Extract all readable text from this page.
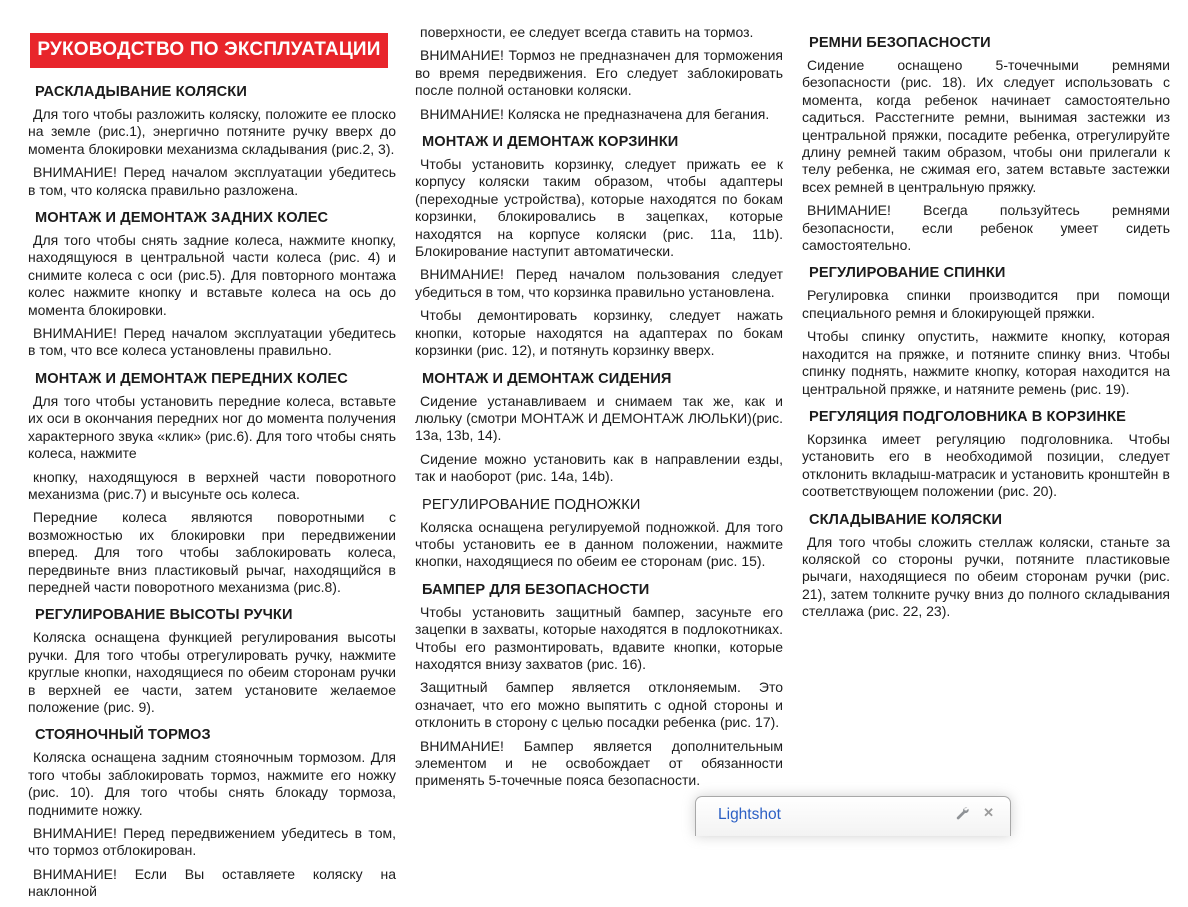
РУКОВОДСТВО ПО ЭКСПЛУАТАЦИИ
РАСКЛАДЫВАНИЕ КОЛЯСКИ
Для того чтобы разложить коляску, положите ее плоско на земле (рис.1), энергично потяните ручку вверх до момента блокировки механизма складывания (рис.2, 3).
ВНИМАНИЕ! Перед началом эксплуатации убедитесь в том, что коляска правильно разложена.
МОНТАЖ И ДЕМОНТАЖ ЗАДНИХ КОЛЕС
Для того чтобы снять задние колеса, нажмите кнопку, находящуюся в центральной части колеса (рис. 4) и снимите колеса с оси (рис.5). Для повторного монтажа колес нажмите кнопку и вставьте колеса на ось до момента блокировки.
ВНИМАНИЕ! Перед началом эксплуатации убедитесь в том, что все колеса установлены правильно.
МОНТАЖ И ДЕМОНТАЖ ПЕРЕДНИХ КОЛЕС
Для того чтобы установить передние колеса, вставьте их оси в окончания передних ног до момента получения характерного звука «клик» (рис.6). Для того чтобы снять колеса, нажмите
кнопку, находящуюся в верхней части поворотного механизма (рис.7) и высуньте ось колеса.
Передние колеса являются поворотными с возможностью их блокировки при передвижении вперед. Для того чтобы заблокировать колеса, передвиньте вниз пластиковый рычаг, находящийся в передней части поворотного механизма (рис.8).
РЕГУЛИРОВАНИЕ ВЫСОТЫ РУЧКИ
Коляска оснащена функцией регулирования высоты ручки. Для того чтобы отрегулировать ручку, нажмите круглые кнопки, находящиеся по обеим сторонам ручки в верхней ее части, затем установите желаемое положение (рис. 9).
СТОЯНОЧНЫЙ ТОРМОЗ
Коляска оснащена задним стояночным тормозом. Для того чтобы заблокировать тормоз, нажмите его ножку (рис. 10). Для того чтобы снять блокаду тормоза, поднимите ножку.
ВНИМАНИЕ! Перед передвижением убедитесь в том, что тормоз отблокирован.
ВНИМАНИЕ! Если Вы оставляете коляску на наклонной
поверхности, ее следует всегда ставить на тормоз.
ВНИМАНИЕ! Тормоз не предназначен для торможения во время передвижения. Его следует заблокировать после полной остановки коляски.
ВНИМАНИЕ! Коляска не предназначена для бегания.
МОНТАЖ И ДЕМОНТАЖ КОРЗИНКИ
Чтобы установить корзинку, следует прижать ее к корпусу коляски таким образом, чтобы адаптеры (переходные устройства), которые находятся по бокам корзинки, блокировались в зацепках, которые находятся на корпусе коляски (рис. 11a, 11b). Блокирование наступит автоматически.
ВНИМАНИЕ! Перед началом пользования следует убедиться в том, что корзинка правильно установлена.
Чтобы демонтировать корзинку, следует нажать кнопки, которые находятся на адаптерах по бокам корзинки (рис. 12), и потянуть корзинку вверх.
МОНТАЖ И ДЕМОНТАЖ СИДЕНИЯ
Сидение устанавливаем и снимаем так же, как и люльку (смотри МОНТАЖ И ДЕМОНТАЖ ЛЮЛЬКИ)(рис. 13a, 13b, 14).
Сидение можно установить как в направлении езды, так и наоборот (рис. 14a, 14b).
РЕГУЛИРОВАНИЕ ПОДНОЖКИ
Коляска оснащена регулируемой подножкой. Для того чтобы установить ее в данном положении, нажмите кнопки, находящиеся по обеим ее сторонам (рис. 15).
БАМПЕР ДЛЯ БЕЗОПАСНОСТИ
Чтобы установить защитный бампер, засуньте его зацепки в захваты, которые находятся в подлокотниках. Чтобы его размонтировать, вдавите кнопки, которые находятся внизу захватов (рис. 16).
Защитный бампер является отклоняемым. Это означает, что его можно выпятить с одной стороны и отклонить в сторону с целью посадки ребенка (рис. 17).
ВНИМАНИЕ! Бампер является дополнительным элементом и не освобождает от обязанности применять 5-точечные пояса безопасности.
РЕМНИ БЕЗОПАСНОСТИ
Сидение оснащено 5-точечными ремнями безопасности (рис. 18). Их следует использовать с момента, когда ребенок начинает самостоятельно садиться. Расстегните ремни, вынимая застежки из центральной пряжки, посадите ребенка, отрегулируйте длину ремней таким образом, чтобы они прилегали к телу ребенка, не сжимая его, затем вставьте застежки всех ремней в центральную пряжку.
ВНИМАНИЕ! Всегда пользуйтесь ремнями безопасности, если ребенок умеет сидеть самостоятельно.
РЕГУЛИРОВАНИЕ СПИНКИ
Регулировка спинки производится при помощи специального ремня и блокирующей пряжки.
Чтобы спинку опустить, нажмите кнопку, которая находится на пряжке, и потяните спинку вниз. Чтобы спинку поднять, нажмите кнопку, которая находится на центральной пряжке, и натяните ремень (рис. 19).
РЕГУЛЯЦИЯ ПОДГОЛОВНИКА В КОРЗИНКЕ
Корзинка имеет регуляцию подголовника. Чтобы установить его в необходимой позиции, следует отклонить вкладыш-матрасик и установить кронштейн в соответствующем положении (рис. 20).
СКЛАДЫВАНИЕ КОЛЯСКИ
Для того чтобы сложить стеллаж коляски, станьте за коляской со стороны ручки, потяните пластиковые рычаги, находящиеся по обеим сторонам ручки (рис. 21), затем толкните ручку вниз до полного складывания стеллажа (рис. 22, 23).
Lightshot	✕
